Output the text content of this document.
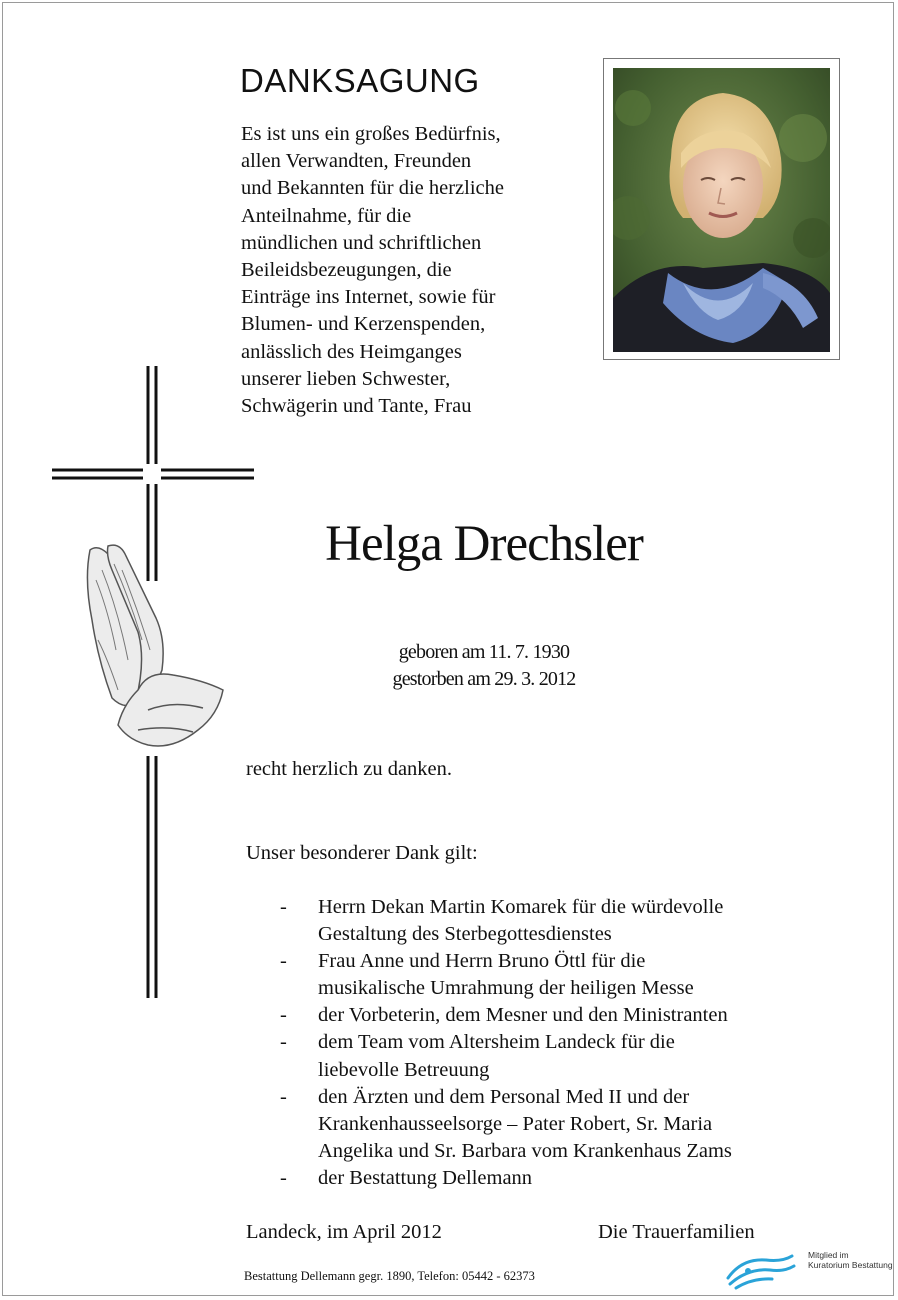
DANKSAGUNG
Es ist uns ein großes Bedürfnis,
allen Verwandten, Freunden
und Bekannten für die herzliche
Anteilnahme, für die
mündlichen und schriftlichen
Beileidsbezeugungen, die
Einträge ins Internet, sowie für
Blumen- und Kerzenspenden,
anlässlich des Heimganges
unserer lieben Schwester,
Schwägerin und Tante, Frau
Helga Drechsler
geboren am 11. 7. 1930
gestorben am 29. 3. 2012
recht herzlich zu danken.
Unser besonderer Dank gilt:
- Herrn Dekan Martin Komarek für die würdevolle
Gestaltung des Sterbegottesdienstes
- Frau Anne und Herrn Bruno Öttl für die
musikalische Umrahmung der heiligen Messe
- der Vorbeterin, dem Mesner und den Ministranten
- dem Team vom Altersheim Landeck für die
liebevolle Betreuung
- den Ärzten und dem Personal Med II und der
Krankenhausseelsorge – Pater Robert, Sr. Maria
Angelika und Sr. Barbara vom Krankenhaus Zams
- der Bestattung Dellemann
Landeck, im April 2012	Die Trauerfamilien
Bestattung Dellemann gegr. 1890, Telefon: 05442 - 62373
Mitglied im
Kuratorium Bestattung
